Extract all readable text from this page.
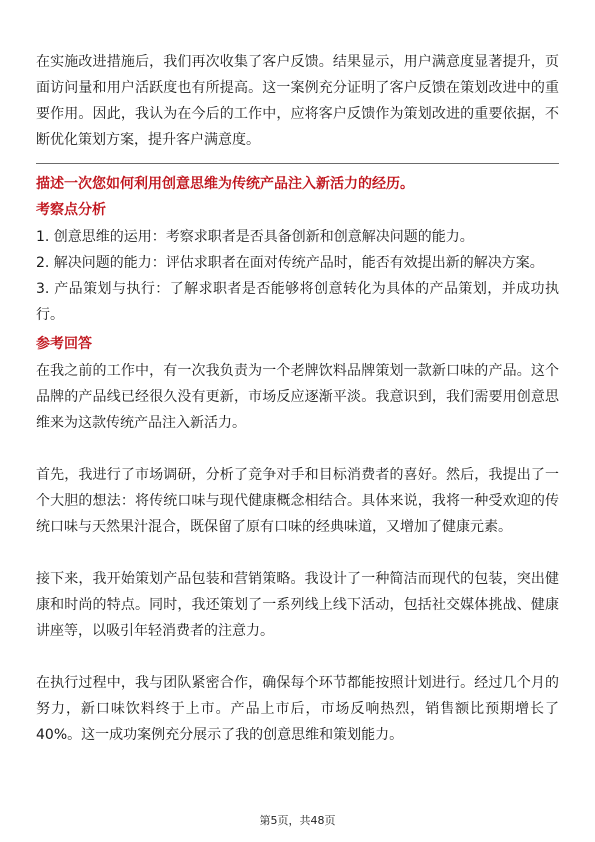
在实施改进措施后，我们再次收集了客户反馈。结果显示，用户满意度显著提升，页面访问量和用户活跃度也有所提高。这一案例充分证明了客户反馈在策划改进中的重要作用。因此，我认为在今后的工作中，应将客户反馈作为策划改进的重要依据，不断优化策划方案，提升客户满意度。

描述一次您如何利用创意思维为传统产品注入新活力的经历。
考察点分析

1. 创意思维的运用：考察求职者是否具备创新和创意解决问题的能力。

2. 解决问题的能力：评估求职者在面对传统产品时，能否有效提出新的解决方案。

3. 产品策划与执行：了解求职者是否能够将创意转化为具体的产品策划，并成功执行。

参考回答

在我之前的工作中，有一次我负责为一个老牌饮料品牌策划一款新口味的产品。这个品牌的产品线已经很久没有更新，市场反应逐渐平淡。我意识到，我们需要用创意思维来为这款传统产品注入新活力。

首先，我进行了市场调研，分析了竞争对手和目标消费者的喜好。然后，我提出了一个大胆的想法：将传统口味与现代健康概念相结合。具体来说，我将一种受欢迎的传统口味与天然果汁混合，既保留了原有口味的经典味道，又增加了健康元素。

接下来，我开始策划产品包装和营销策略。我设计了一种简洁而现代的包装，突出健康和时尚的特点。同时，我还策划了一系列线上线下活动，包括社交媒体挑战、健康讲座等，以吸引年轻消费者的注意力。

在执行过程中，我与团队紧密合作，确保每个环节都能按照计划进行。经过几个月的努力，新口味饮料终于上市。产品上市后，市场反响热烈，销售额比预期增长了40%。这一成功案例充分展示了我的创意思维和策划能力。

第5页，共48页
